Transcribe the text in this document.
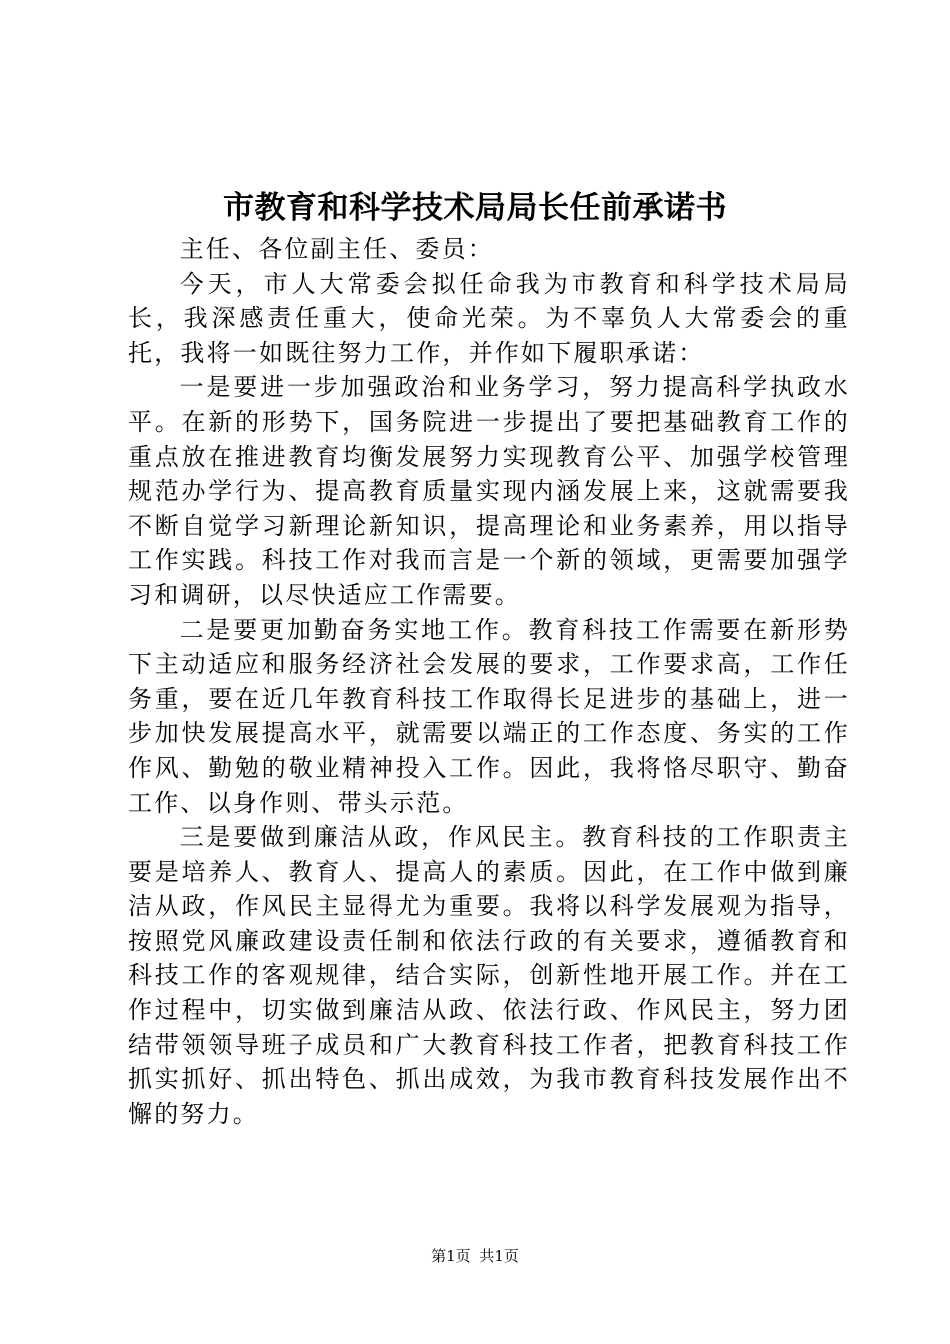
市教育和科学技术局局长任前承诺书

主任、各位副主任、委员：

今天，市人大常委会拟任命我为市教育和科学技术局局长，我深感责任重大，使命光荣。为不辜负人大常委会的重托，我将一如既往努力工作，并作如下履职承诺：

一是要进一步加强政治和业务学习，努力提高科学执政水平。在新的形势下，国务院进一步提出了要把基础教育工作的重点放在推进教育均衡发展努力实现教育公平、加强学校管理规范办学行为、提高教育质量实现内涵发展上来，这就需要我不断自觉学习新理论新知识，提高理论和业务素养，用以指导工作实践。科技工作对我而言是一个新的领域，更需要加强学习和调研，以尽快适应工作需要。

二是要更加勤奋务实地工作。教育科技工作需要在新形势下主动适应和服务经济社会发展的要求，工作要求高，工作任务重，要在近几年教育科技工作取得长足进步的基础上，进一步加快发展提高水平，就需要以端正的工作态度、务实的工作作风、勤勉的敬业精神投入工作。因此，我将恪尽职守、勤奋工作、以身作则、带头示范。

三是要做到廉洁从政，作风民主。教育科技的工作职责主要是培养人、教育人、提高人的素质。因此，在工作中做到廉洁从政，作风民主显得尤为重要。我将以科学发展观为指导，按照党风廉政建设责任制和依法行政的有关要求，遵循教育和科技工作的客观规律，结合实际，创新性地开展工作。并在工作过程中，切实做到廉洁从政、依法行政、作风民主，努力团结带领领导班子成员和广大教育科技工作者，把教育科技工作抓实抓好、抓出特色、抓出成效，为我市教育科技发展作出不懈的努力。

第1页 共1页
